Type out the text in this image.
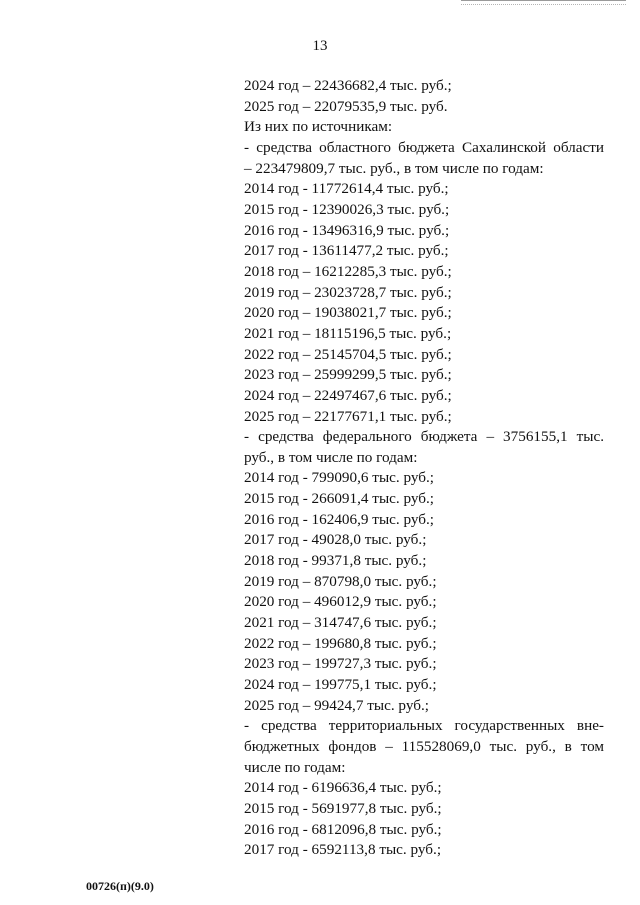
13
2024 год – 22436682,4 тыс. руб.;
2025 год – 22079535,9 тыс. руб.
Из них по источникам:
- средства областного бюджета Сахалинской области
– 223479809,7 тыс. руб., в том числе по годам:
2014 год - 11772614,4 тыс. руб.;
2015 год - 12390026,3 тыс. руб.;
2016 год - 13496316,9 тыс. руб.;
2017 год - 13611477,2 тыс. руб.;
2018 год – 16212285,3 тыс. руб.;
2019 год – 23023728,7 тыс. руб.;
2020 год – 19038021,7 тыс. руб.;
2021 год – 18115196,5 тыс. руб.;
2022 год – 25145704,5 тыс. руб.;
2023 год – 25999299,5 тыс. руб.;
2024 год – 22497467,6 тыс. руб.;
2025 год – 22177671,1 тыс. руб.;
- средства федерального бюджета – 3756155,1 тыс.
руб., в том числе по годам:
2014 год - 799090,6 тыс. руб.;
2015 год - 266091,4 тыс. руб.;
2016 год - 162406,9 тыс. руб.;
2017 год - 49028,0 тыс. руб.;
2018 год - 99371,8 тыс. руб.;
2019 год – 870798,0 тыс. руб.;
2020 год – 496012,9 тыс. руб.;
2021 год – 314747,6 тыс. руб.;
2022 год – 199680,8 тыс. руб.;
2023 год – 199727,3 тыс. руб.;
2024 год – 199775,1 тыс. руб.;
2025 год – 99424,7 тыс. руб.;
- средства территориальных государственных вне-
бюджетных фондов – 115528069,0 тыс. руб., в том
числе по годам:
2014 год - 6196636,4 тыс. руб.;
2015 год - 5691977,8 тыс. руб.;
2016 год - 6812096,8 тыс. руб.;
2017 год - 6592113,8 тыс. руб.;
00726(п)(9.0)
